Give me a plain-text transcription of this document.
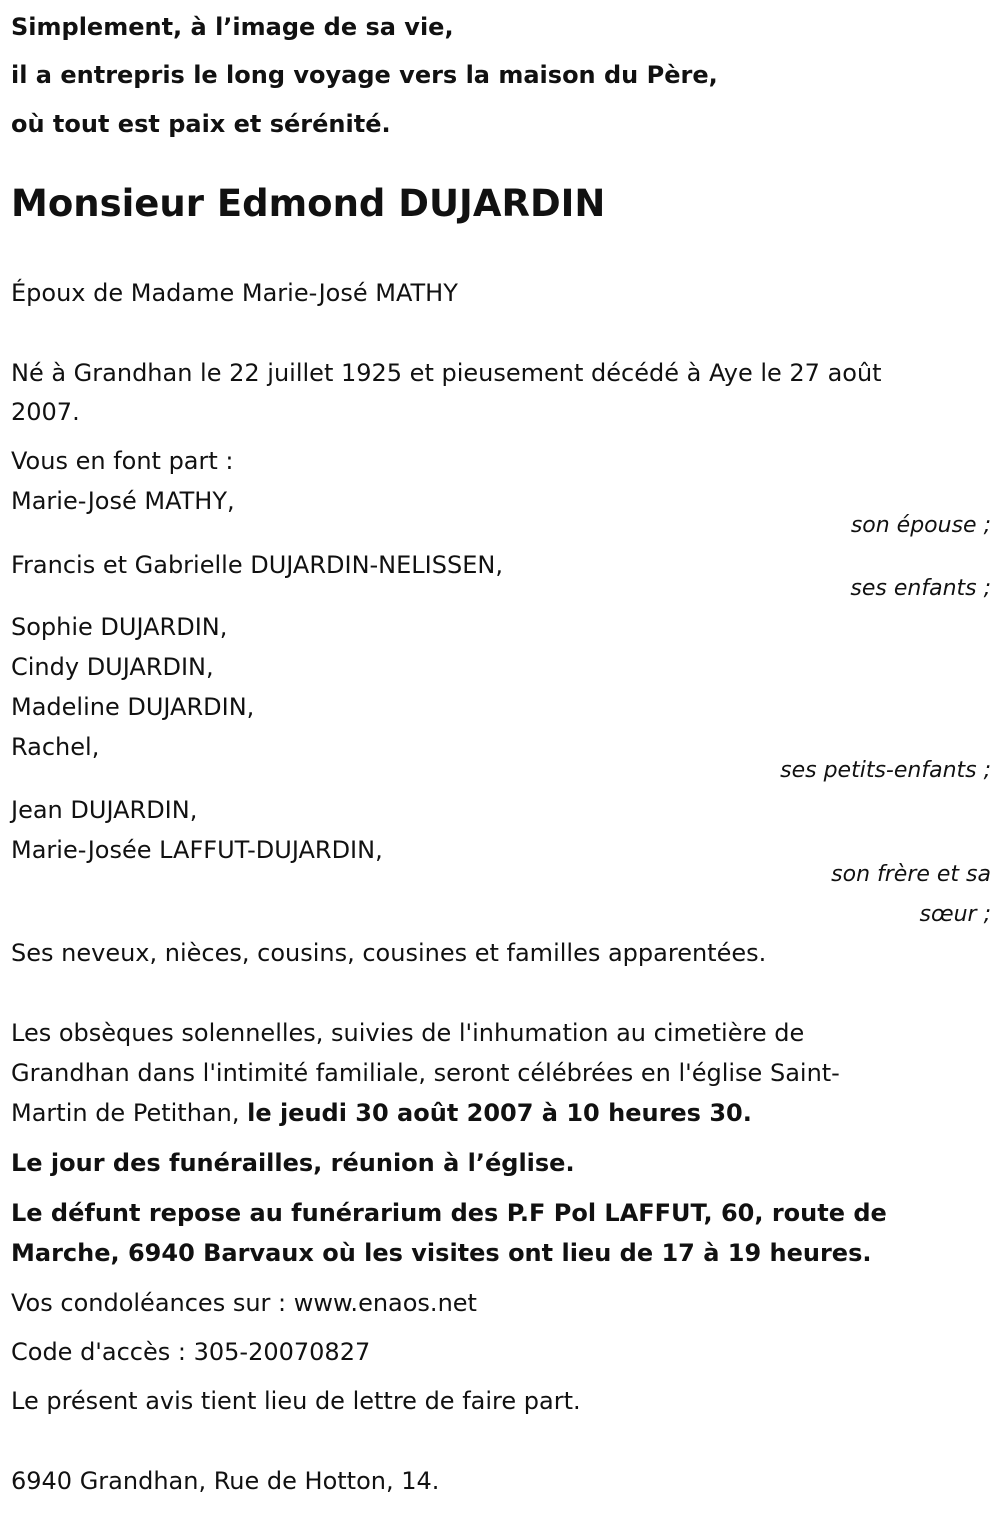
Simplement, à l’image de sa vie,
il a entrepris le long voyage vers la maison du Père,
où tout est paix et sérénité.
Monsieur Edmond DUJARDIN
Époux de Madame Marie-José MATHY
Né à Grandhan le 22 juillet 1925 et pieusement décédé à Aye le 27 août
2007.
Vous en font part :
Marie-José MATHY,
son épouse ;
Francis et Gabrielle DUJARDIN-NELISSEN,
ses enfants ;
Sophie DUJARDIN,
Cindy DUJARDIN,
Madeline DUJARDIN,
Rachel,
ses petits-enfants ;
Jean DUJARDIN,
Marie-Josée LAFFUT-DUJARDIN,
son frère et sa
sœur ;
Ses neveux, nièces, cousins, cousines et familles apparentées.
Les obsèques solennelles, suivies de l'inhumation au cimetière de
Grandhan dans l'intimité familiale, seront célébrées en l'église Saint-
Martin de Petithan, le jeudi 30 août 2007 à 10 heures 30.
Le jour des funérailles, réunion à l’église.
Le défunt repose au funérarium des P.F Pol LAFFUT, 60, route de
Marche, 6940 Barvaux où les visites ont lieu de 17 à 19 heures.
Vos condoléances sur : www.enaos.net
Code d'accès : 305-20070827
Le présent avis tient lieu de lettre de faire part.
6940 Grandhan, Rue de Hotton, 14.
